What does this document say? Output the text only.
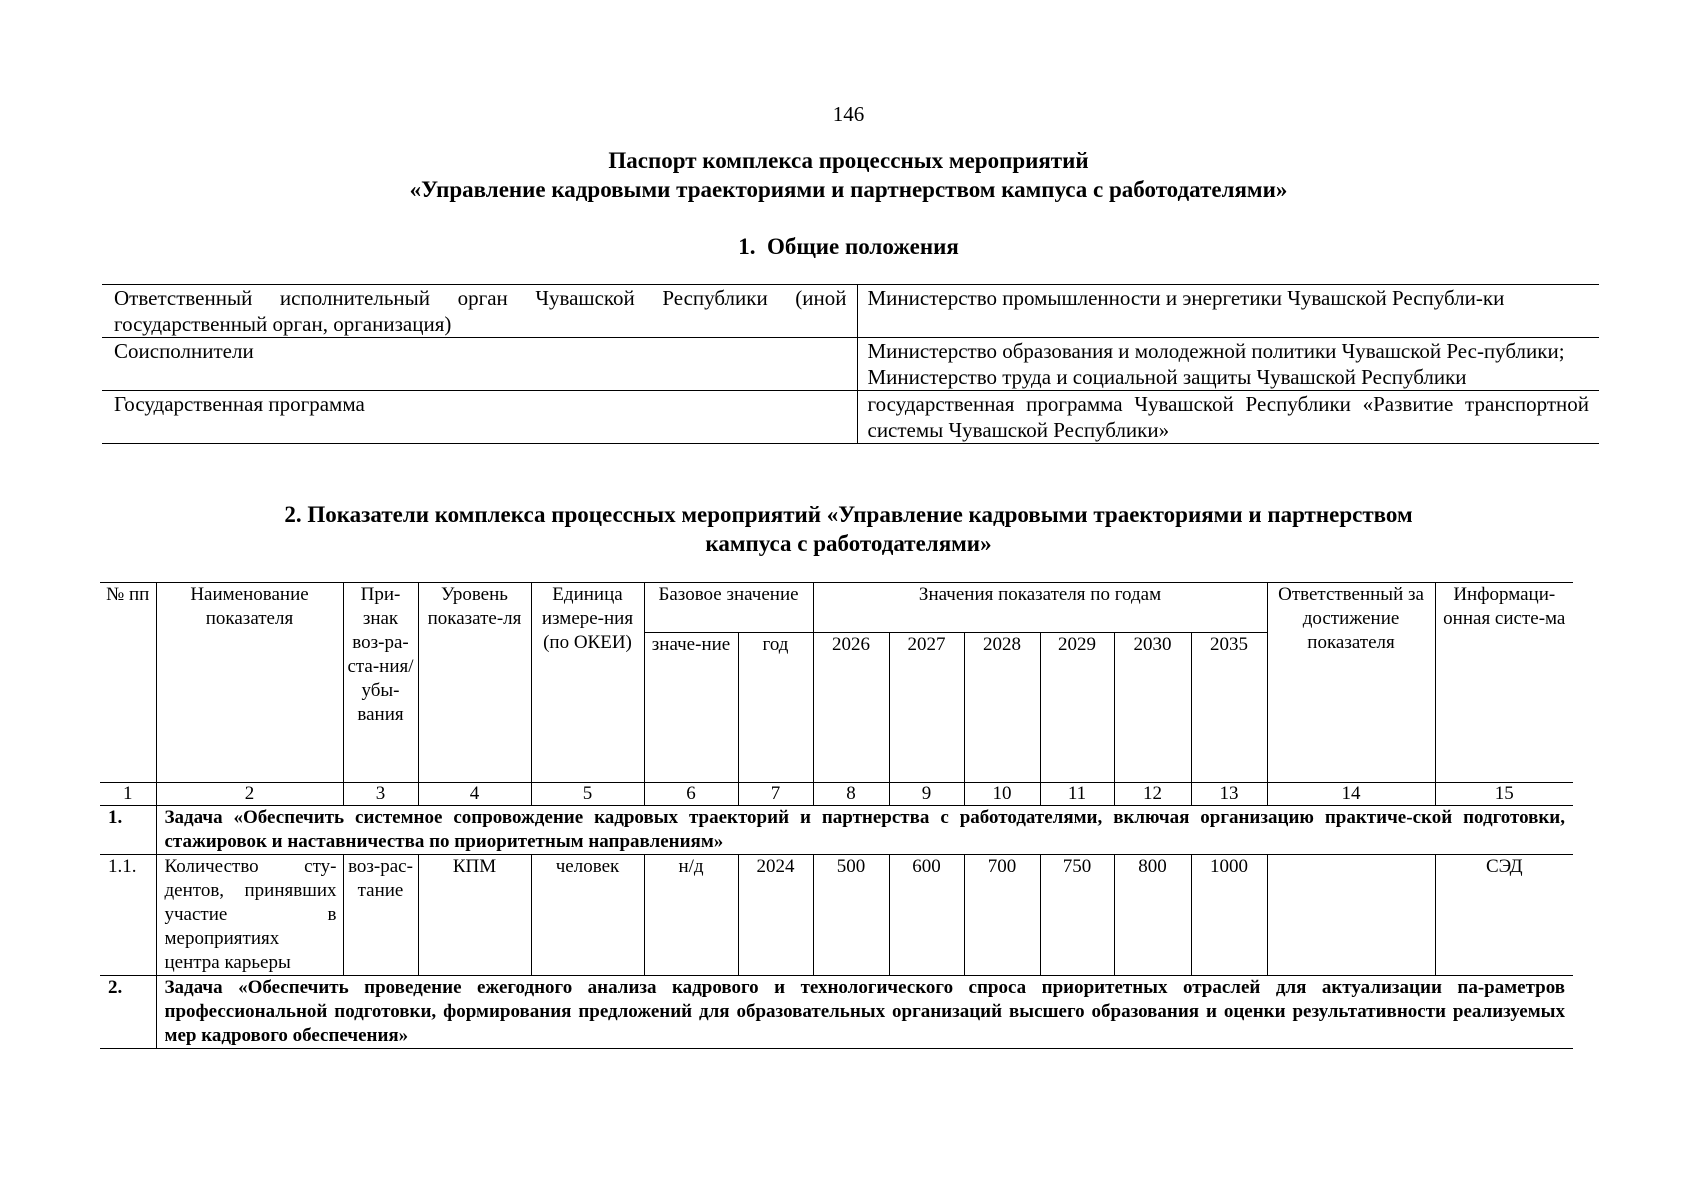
146
Паспорт комплекса процессных мероприятий
«Управление кадровыми траекториями и партнерством кампуса с работодателями»
1.  Общие положения
Ответственный исполнительный орган Чувашской Республики (иной государственный орган, организация)	Министерство промышленности и энергетики Чувашской Республи-ки
Соисполнители	Министерство образования и молодежной политики Чувашской Рес-публики;
Министерство труда и социальной защиты Чувашской Республики

Государственная программа	государственная программа Чувашской Республики «Развитие транспортной системы Чувашской Республики»
2. Показатели комплекса процессных мероприятий «Управление кадровыми траекториями и партнерством
кампуса с работодателями»
№ пп	Наименование показателя	При-знак воз-ра-ста-ния/ убы-вания	Уровень показате-ля	Единица измере-ния (по ОКЕИ)	Базовое значение		Значения показателя по годам						Ответственный за достижение показателя	Информаци-онная систе-ма
					значе-ние	год	2026	2027	2028	2029	2030	2035		
1	2	3	4	5	6	7	8	9	10	11	12	13	14	15
1.	Задача «Обеспечить системное сопровождение кадровых траекторий и партнерства с работодателями, включая организацию практиче-ской подготовки, стажировок и наставничества по приоритетным направлениям»													
1.1.	Количество сту-дентов, принявших участие в мероприятиях центра карьеры	воз-рас-тание	КПМ	человек	н/д	2024	500	600	700	750	800	1000		СЭД
2.	Задача «Обеспечить проведение ежегодного анализа кадрового и технологического спроса приоритетных отраслей для актуализации па-раметров профессиональной подготовки, формирования предложений для образовательных организаций высшего образования и оценки результативности реализуемых мер кадрового обеспечения»													
